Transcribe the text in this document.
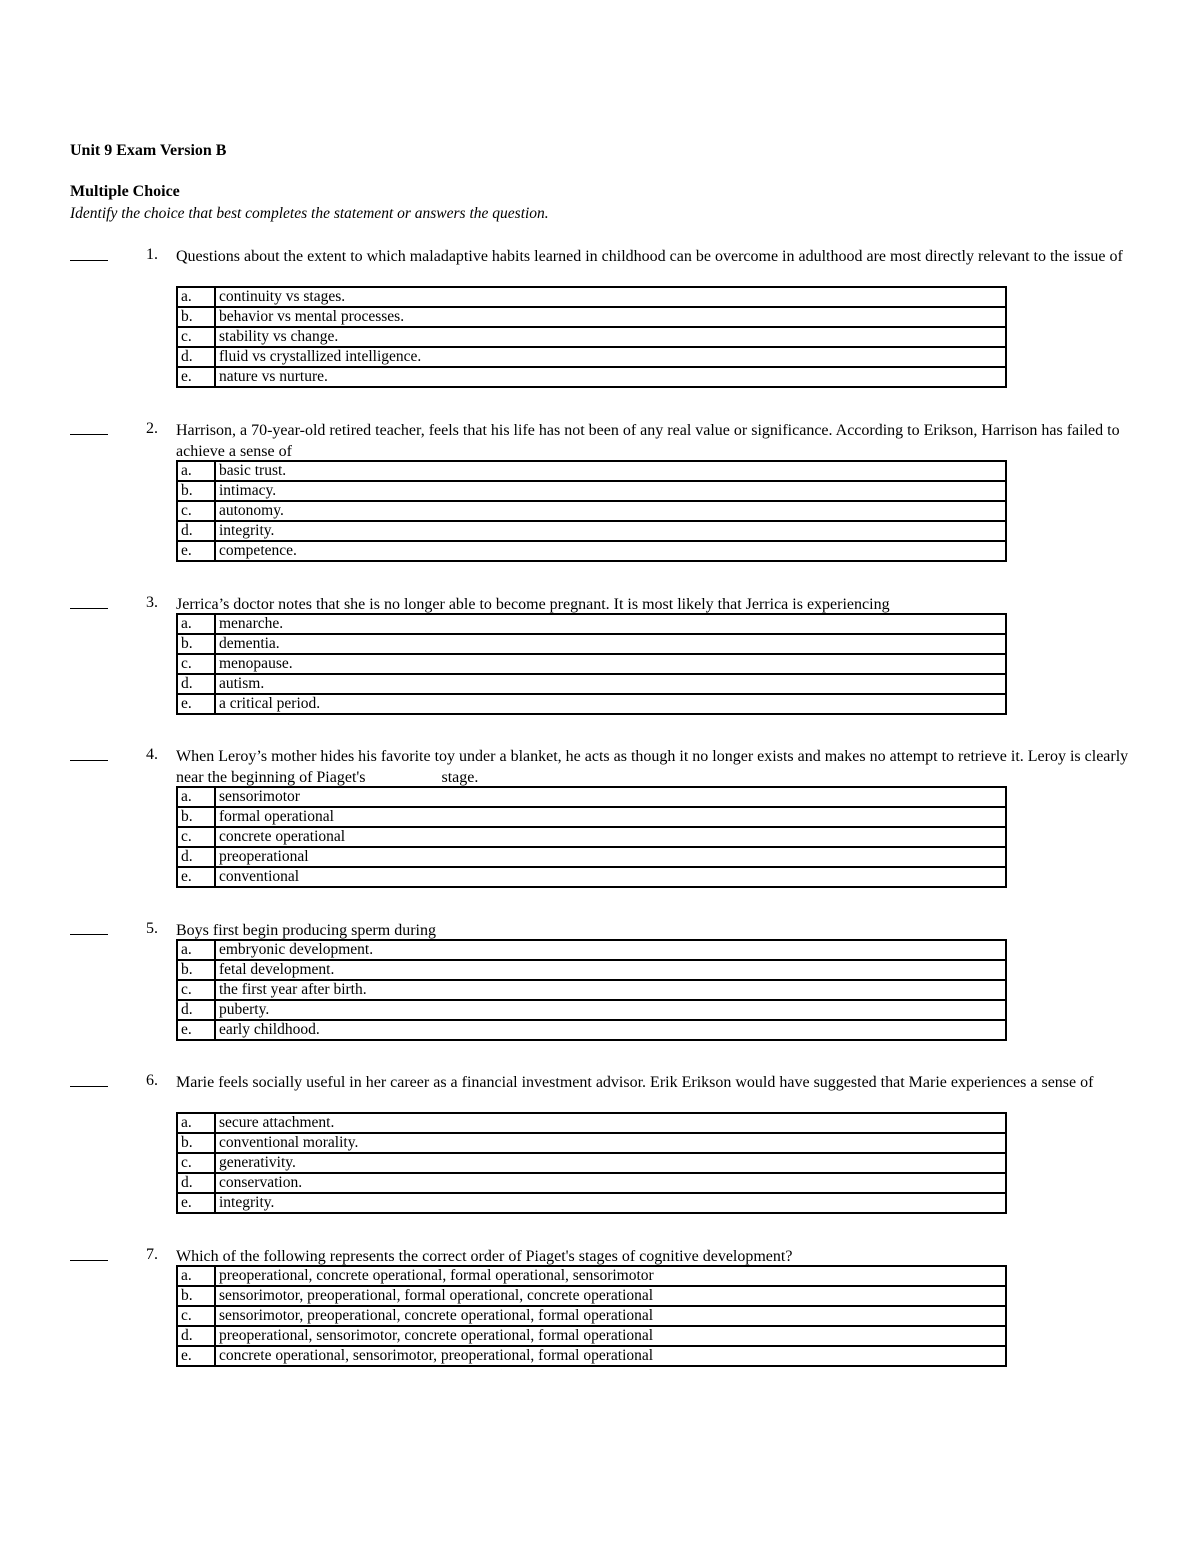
Unit 9 Exam Version B
Multiple Choice
Identify the choice that best completes the statement or answers the question.
1. Questions about the extent to which maladaptive habits learned in childhood can be overcome in adulthood are most directly relevant to the issue of
a.	continuity vs stages.
b.	behavior vs mental processes.
c.	stability vs change.
d.	fluid vs crystallized intelligence.
e.	nature vs nurture.
2. Harrison, a 70-year-old retired teacher, feels that his life has not been of any real value or significance. According to Erikson, Harrison has failed to achieve a sense of
a.	basic trust.
b.	intimacy.
c.	autonomy.
d.	integrity.
e.	competence.
3. Jerrica’s doctor notes that she is no longer able to become pregnant. It is most likely that Jerrica is experiencing
a.	menarche.
b.	dementia.
c.	menopause.
d.	autism.
e.	a critical period.
4. When Leroy’s mother hides his favorite toy under a blanket, he acts as though it no longer exists and makes no attempt to retrieve it. Leroy is clearly near the beginning of Piaget's	stage.
a.	sensorimotor
b.	formal operational
c.	concrete operational
d.	preoperational
e.	conventional
5. Boys first begin producing sperm during
a.	embryonic development.
b.	fetal development.
c.	the first year after birth.
d.	puberty.
e.	early childhood.
6. Marie feels socially useful in her career as a financial investment advisor. Erik Erikson would have suggested that Marie experiences a sense of
a.	secure attachment.
b.	conventional morality.
c.	generativity.
d.	conservation.
e.	integrity.
7. Which of the following represents the correct order of Piaget's stages of cognitive development?
a.	preoperational, concrete operational, formal operational, sensorimotor
b.	sensorimotor, preoperational, formal operational, concrete operational
c.	sensorimotor, preoperational, concrete operational, formal operational
d.	preoperational, sensorimotor, concrete operational, formal operational
e.	concrete operational, sensorimotor, preoperational, formal operational
